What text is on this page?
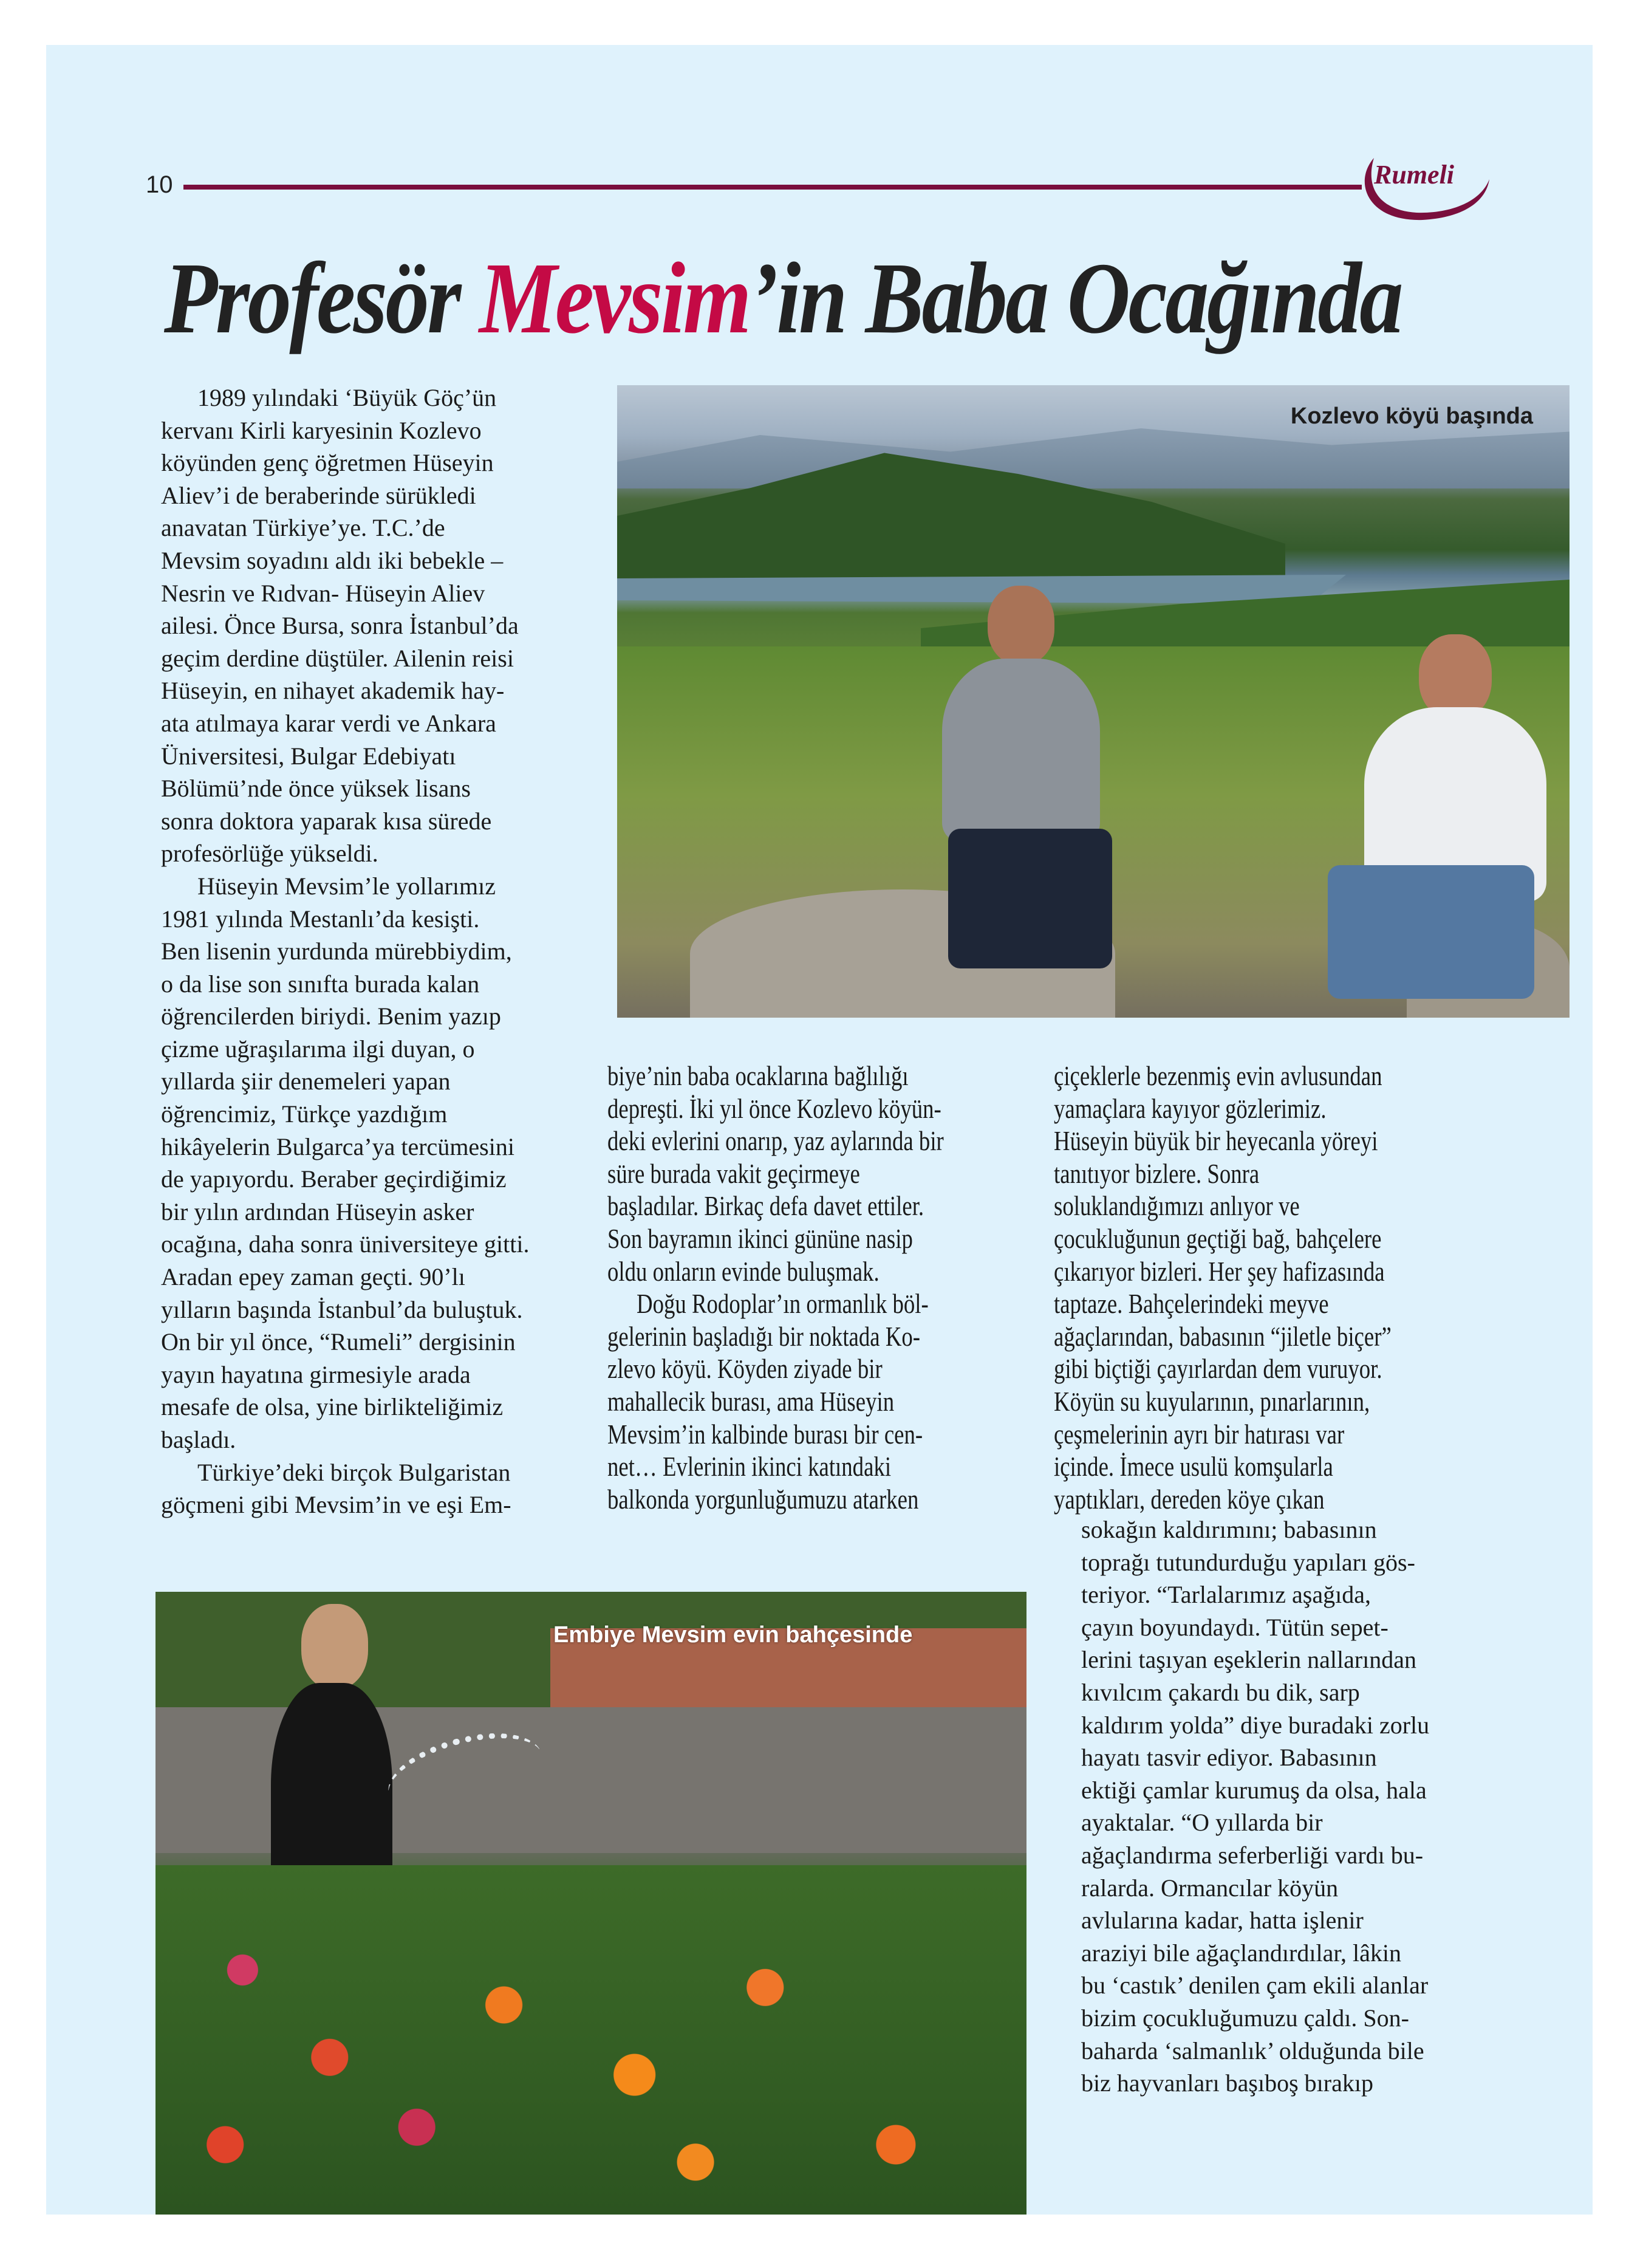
10	Rumeli
Profesör Mevsim’in Baba Ocağında
1989 yılındaki ‘Büyük Göç’ün
kervanı Kirli karyesinin Kozlevo
köyünden genç öğretmen Hüseyin
Aliev’i de beraberinde sürükledi
anavatan Türkiye’ye. T.C.’de
Mevsim soyadını aldı iki bebekle –
Nesrin ve Rıdvan- Hüseyin Aliev
ailesi. Önce Bursa, sonra İstanbul’da
geçim derdine düştüler. Ailenin reisi
Hüseyin, en nihayet akademik hay-
ata atılmaya karar verdi ve Ankara
Üniversitesi, Bulgar Edebiyatı
Bölümü’nde önce yüksek lisans
sonra doktora yaparak kısa sürede
profesörlüğe yükseldi.
Hüseyin Mevsim’le yollarımız
1981 yılında Mestanlı’da kesişti.
Ben lisenin yurdunda mürebbiydim,
o da lise son sınıfta burada kalan
öğrencilerden biriydi. Benim yazıp
çizme uğraşılarıma ilgi duyan, o
yıllarda şiir denemeleri yapan
öğrencimiz, Türkçe yazdığım
hikâyelerin Bulgarca’ya tercümesini
de yapıyordu. Beraber geçirdiğimiz
bir yılın ardından Hüseyin asker
ocağına, daha sonra üniversiteye gitti.
Aradan epey zaman geçti. 90’lı
yılların başında İstanbul’da buluştuk.
On bir yıl önce, “Rumeli” dergisinin
yayın hayatına girmesiyle arada
mesafe de olsa, yine birlikteliğimiz
başladı.
Türkiye’deki birçok Bulgaristan
göçmeni gibi Mevsim’in ve eşi Em-
biye’nin baba ocaklarına bağlılığı
depreşti. İki yıl önce Kozlevo köyün-
deki evlerini onarıp, yaz aylarında bir
süre burada vakit geçirmeye
başladılar. Birkaç defa davet ettiler.
Son bayramın ikinci gününe nasip
oldu onların evinde buluşmak.
Doğu Rodoplar’ın ormanlık böl-
gelerinin başladığı bir noktada Ko-
zlevo köyü. Köyden ziyade bir
mahallecik burası, ama Hüseyin
Mevsim’in kalbinde burası bir cen-
net… Evlerinin ikinci katındaki
balkonda yorgunluğumuzu atarken
çiçeklerle bezenmiş evin avlusundan
yamaçlara kayıyor gözlerimiz.
Hüseyin büyük bir heyecanla yöreyi
tanıtıyor bizlere. Sonra
soluklandığımızı anlıyor ve
çocukluğunun geçtiği bağ, bahçelere
çıkarıyor bizleri. Her şey hafizasında
taptaze. Bahçelerindeki meyve
ağaçlarından, babasının “jiletle biçer”
gibi biçtiği çayırlardan dem vuruyor.
Köyün su kuyularının, pınarlarının,
çeşmelerinin ayrı bir hatırası var
içinde. İmece usulü komşularla
yaptıkları, dereden köye çıkan
sokağın kaldırımını; babasının
toprağı tutundurduğu yapıları gös-
teriyor. “Tarlalarımız aşağıda,
çayın boyundaydı. Tütün sepet-
lerini taşıyan eşeklerin nallarından
kıvılcım çakardı bu dik, sarp
kaldırım yolda” diye buradaki zorlu
hayatı tasvir ediyor. Babasının
ektiği çamlar kurumuş da olsa, hala
ayaktalar. “O yıllarda bir
ağaçlandırma seferberliği vardı bu-
ralarda. Ormancılar köyün
avlularına kadar, hatta işlenir
araziyi bile ağaçlandırdılar, lâkin
bu ‘castık’ denilen çam ekili alanlar
bizim çocukluğumuzu çaldı. Son-
baharda ‘salmanlık’ olduğunda bile
biz hayvanları başıboş bırakıp
Kozlevo köyü başında
Embiye Mevsim evin bahçesinde
